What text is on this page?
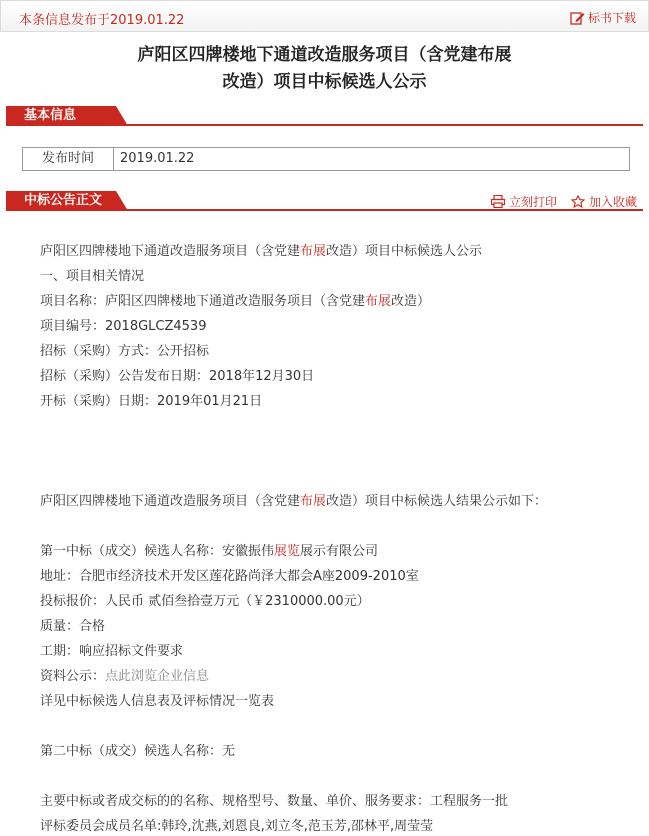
本条信息发布于2019.01.22	标书下载
庐阳区四牌楼地下通道改造服务项目（含党建布展
改造）项目中标候选人公示
基本信息
发布时间	2019.01.22
中标公告正文	立刻打印	加入收藏
庐阳区四牌楼地下通道改造服务项目（含党建布展改造）项目中标候选人公示
一、项目相关情况
项目名称：庐阳区四牌楼地下通道改造服务项目（含党建布展改造）
项目编号：2018GLCZ4539
招标（采购）方式：公开招标
招标（采购）公告发布日期：2018年12月30日
开标（采购）日期：2019年01月21日
庐阳区四牌楼地下通道改造服务项目（含党建布展改造）项目中标候选人结果公示如下：
第一中标（成交）候选人名称：安徽振伟展览展示有限公司
地址：合肥市经济技术开发区莲花路尚泽大都会A座2009-2010室
投标报价：人民币 贰佰叁拾壹万元（￥2310000.00元）
质量：合格
工期：响应招标文件要求
资料公示：点此浏览企业信息
详见中标候选人信息表及评标情况一览表
第二中标（成交）候选人名称：无
主要中标或者成交标的的名称、规格型号、数量、单价、服务要求：工程服务一批
评标委员会成员名单:韩玲,沈燕,刘恩良,刘立冬,范玉芳,邵林平,周莹莹
